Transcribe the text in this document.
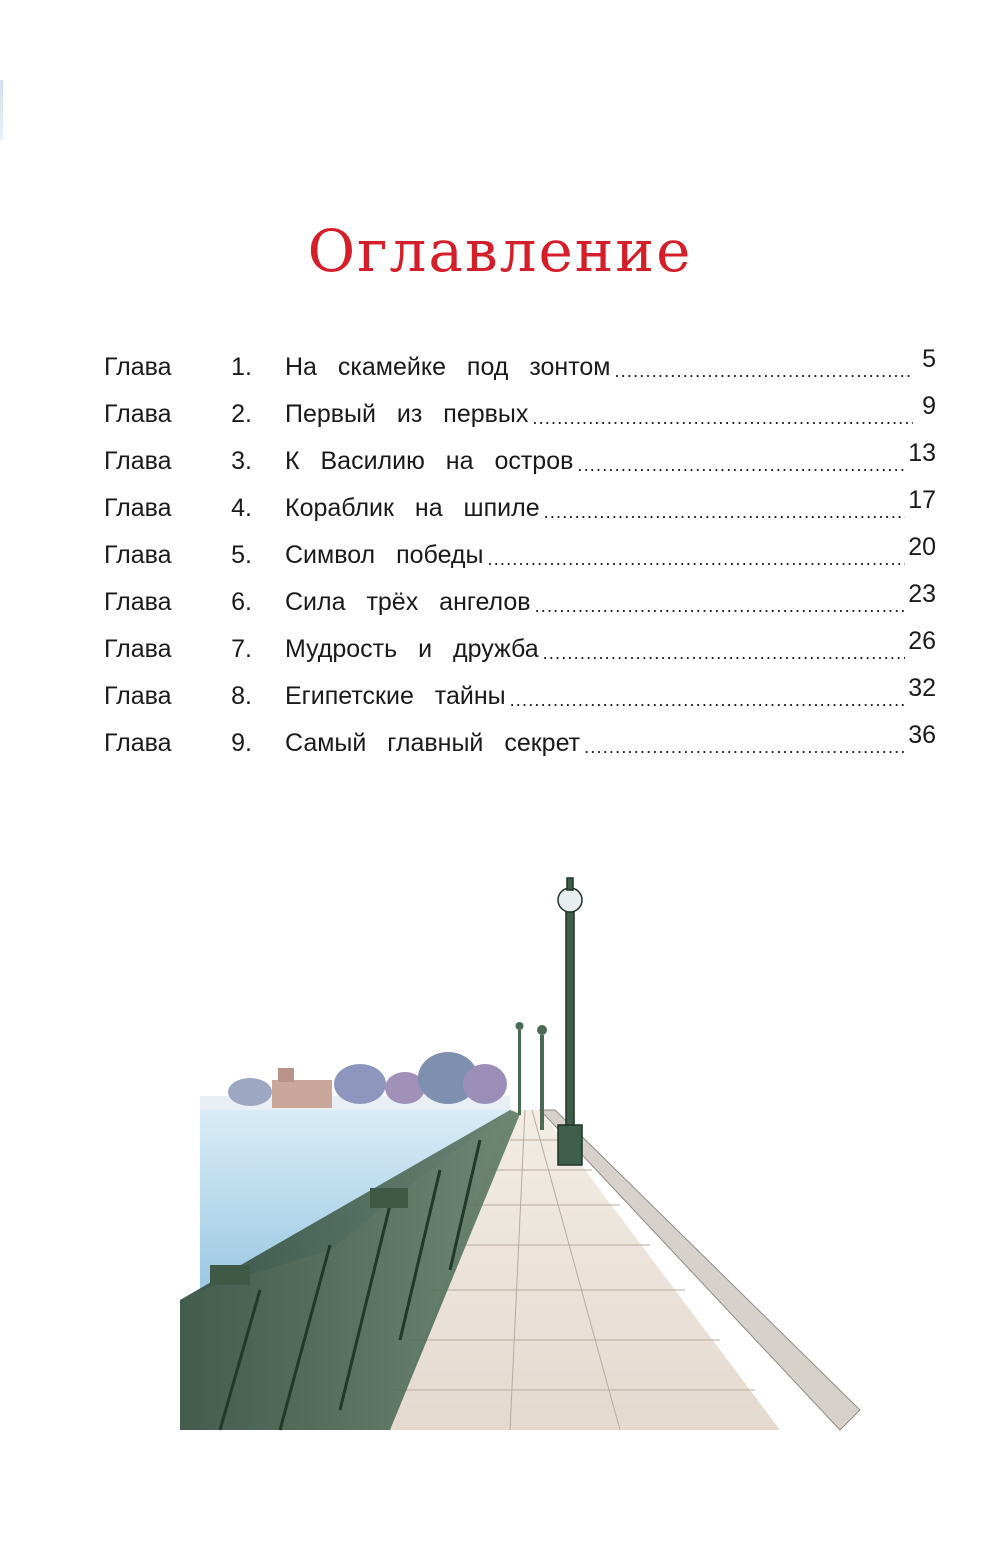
Оглавление
Глава	1. На скамейке под зонтом .....	5
Глава	2. Первый из первых .....	9
Глава	3. К Василию на остров .....	13
Глава	4. Кораблик на шпиле .....	17
Глава	5. Символ победы .....	20
Глава	6. Сила трёх ангелов .....	23
Глава	7. Мудрость и дружба .....	26
Глава	8. Египетские тайны .....	32
Глава	9. Самый главный секрет .....	36
